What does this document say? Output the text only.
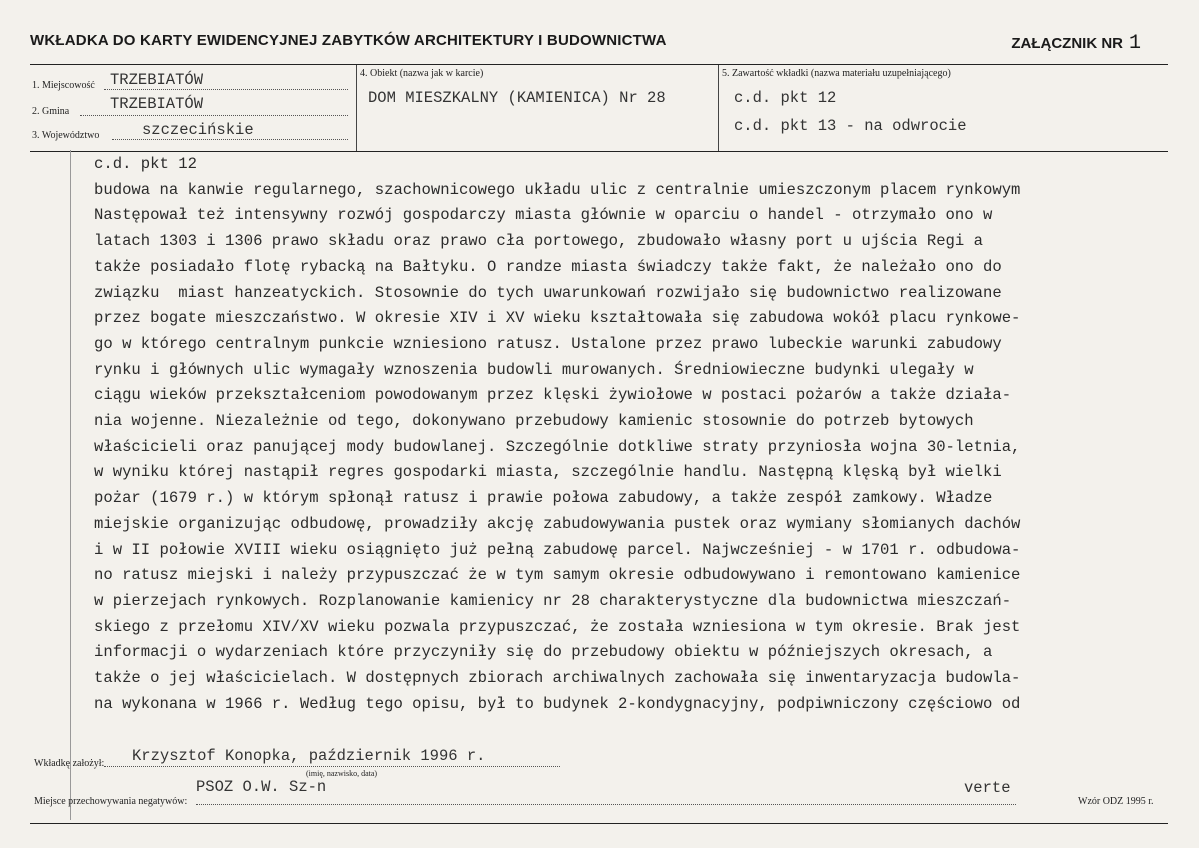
WKŁADKA DO KARTY EWIDENCYJNEJ ZABYTKÓW ARCHITEKTURY I BUDOWNICTWA	ZAŁĄCZNIK NR 1
1. Miejscowość TRZEBIATÓW
2. Gmina	TRZEBIATÓW
3. Województwo	szczecińskie
4. Obiekt (nazwa jak w karcie)
DOM MIESZKALNY (KAMIENICA) Nr 28
5. Zawartość wkładki (nazwa materiału uzupełniającego)
c.d. pkt 12
c.d. pkt 13 - na odwrocie
c.d. pkt 12
budowa na kanwie regularnego, szachownicowego układu ulic z centralnie umieszczonym placem rynkowym
Następował też intensywny rozwój gospodarczy miasta głównie w oparciu o handel - otrzymało ono w
latach 1303 i 1306 prawo składu oraz prawo cła portowego, zbudowało własny port u ujścia Regi a
także posiadało flotę rybacką na Bałtyku. O randze miasta świadczy także fakt, że należało ono do
związku  miast hanzeatyckich. Stosownie do tych uwarunkowań rozwijało się budownictwo realizowane
przez bogate mieszczaństwo. W okresie XIV i XV wieku kształtowała się zabudowa wokół placu rynkowe-
go w którego centralnym punkcie wzniesiono ratusz. Ustalone przez prawo lubeckie warunki zabudowy
rynku i głównych ulic wymagały wznoszenia budowli murowanych. Średniowieczne budynki ulegały w
ciągu wieków przekształceniom powodowanym przez klęski żywiołowe w postaci pożarów a także działa-
nia wojenne. Niezależnie od tego, dokonywano przebudowy kamienic stosownie do potrzeb bytowych
właścicieli oraz panującej mody budowlanej. Szczególnie dotkliwe straty przyniosła wojna 30-letnia,
w wyniku której nastąpił regres gospodarki miasta, szczególnie handlu. Następną klęską był wielki
pożar (1679 r.) w którym spłonął ratusz i prawie połowa zabudowy, a także zespół zamkowy. Władze
miejskie organizując odbudowę, prowadziły akcję zabudowywania pustek oraz wymiany słomianych dachów
i w II połowie XVIII wieku osiągnięto już pełną zabudowę parcel. Najwcześniej - w 1701 r. odbudowa-
no ratusz miejski i należy przypuszczać że w tym samym okresie odbudowywano i remontowano kamienice
w pierzejach rynkowych. Rozplanowanie kamienicy nr 28 charakterystyczne dla budownictwa mieszczań-
skiego z przełomu XIV/XV wieku pozwala przypuszczać, że została wzniesiona w tym okresie. Brak jest
informacji o wydarzeniach które przyczyniły się do przebudowy obiektu w późniejszych okresach, a
także o jej właścicielach. W dostępnych zbiorach archiwalnych zachowała się inwentaryzacja budowla-
na wykonana w 1966 r. Według tego opisu, był to budynek 2-kondygnacyjny, podpiwniczony częściowo od
Wkładkę założył: Krzysztof Konopka, październik 1996 r.
(imię, nazwisko, data)
Miejsce przechowywania negatywów:
PSOZ O.W. Sz-n	verte
Wzór ODZ 1995 r.
